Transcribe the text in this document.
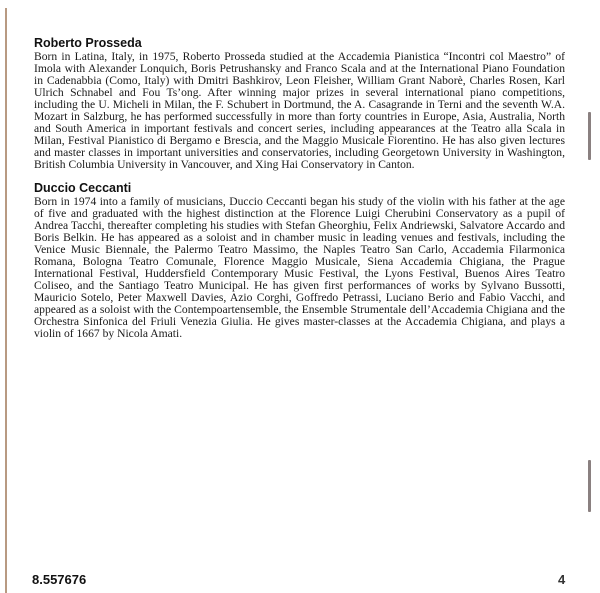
Roberto Prosseda

Born in Latina, Italy, in 1975, Roberto Prosseda studied at the Accademia Pianistica “Incontri col Maestro” of Imola with Alexander Lonquich, Boris Petrushansky and Franco Scala and at the International Piano Foundation in Cadenabbia (Como, Italy) with Dmitri Bashkirov, Leon Fleisher, William Grant Naborè, Charles Rosen, Karl Ulrich Schnabel and Fou Ts’ong. After winning major prizes in several international piano competitions, including the U. Micheli in Milan, the F. Schubert in Dortmund, the A. Casagrande in Terni and the seventh W.A. Mozart in Salzburg, he has performed successfully in more than forty countries in Europe, Asia, Australia, North and South America in important festivals and concert series, including appearances at the Teatro alla Scala in Milan, Festival Pianistico di Bergamo e Brescia, and the Maggio Musicale Fiorentino. He has also given lectures and master classes in important universities and conservatories, including Georgetown University in Washington, British Columbia University in Vancouver, and Xing Hai Conservatory in Canton.

Duccio Ceccanti

Born in 1974 into a family of musicians, Duccio Ceccanti began his study of the violin with his father at the age of five and graduated with the highest distinction at the Florence Luigi Cherubini Conservatory as a pupil of Andrea Tacchi, thereafter completing his studies with Stefan Gheorghiu, Felix Andriewski, Salvatore Accardo and Boris Belkin. He has appeared as a soloist and in chamber music in leading venues and festivals, including the Venice Music Biennale, the Palermo Teatro Massimo, the Naples Teatro San Carlo, Accademia Filarmonica Romana, Bologna Teatro Comunale, Florence Maggio Musicale, Siena Accademia Chigiana, the Prague International Festival, Huddersfield Contemporary Music Festival, the Lyons Festival, Buenos Aires Teatro Coliseo, and the Santiago Teatro Municipal. He has given first performances of works by Sylvano Bussotti, Mauricio Sotelo, Peter Maxwell Davies, Azio Corghi, Goffredo Petrassi, Luciano Berio and Fabio Vacchi, and appeared as a soloist with the Contempoartensemble, the Ensemble Strumentale dell’Accademia Chigiana and the Orchestra Sinfonica del Friuli Venezia Giulia. He gives master-classes at the Accademia Chigiana, and plays a violin of 1667 by Nicola Amati.

8.557676	4
